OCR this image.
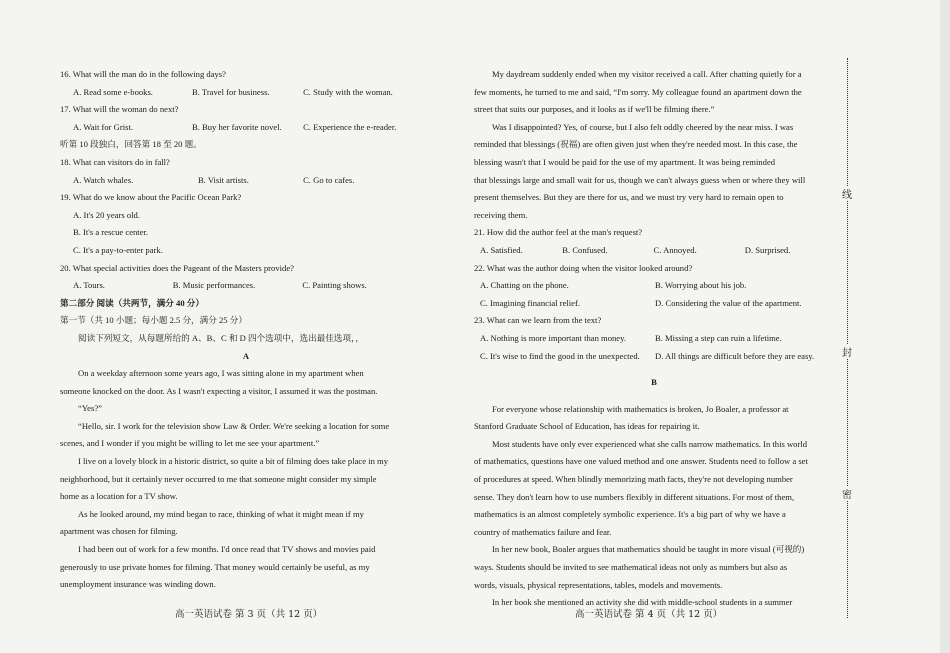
16. What will the man do in the following days?
A. Read some e-books.	B. Travel for business.	C. Study with the woman.
17. What will the woman do next?
A. Wait for Grist.	B. Buy her favorite novel.	C. Experience the e-reader.
听第 10 段独白，回答第 18 至 20 题。
18. What can visitors do in fall?
A. Watch whales.	B. Visit artists.	C. Go to cafes.
19. What do we know about the Pacific Ocean Park?
A. It's 20 years old.
B. It's a rescue center.
C. It's a pay-to-enter park.
20. What special activities does the Pageant of the Masters provide?
A. Tours.	B. Music performances.	C. Painting shows.
第二部分 阅读（共两节，满分 40 分）
第一节（共 10 小题；每小题 2.5 分，满分 25 分）
阅读下列短文，从每题所给的 A、B、C 和 D 四个选项中，选出最佳选项，，
A
On a weekday afternoon some years ago, I was sitting alone in my apartment when
someone knocked on the door. As I wasn't expecting a visitor, I assumed it was the postman.
“Yes?”
“Hello, sir. I work for the television show Law & Order. We're seeking a location for some
scenes, and I wonder if you might be willing to let me see your apartment.”
I live on a lovely block in a historic district, so quite a bit of filming does take place in my
neighborhood, but it certainly never occurred to me that someone might consider my simple
home as a location for a TV show.
As he looked around, my mind began to race, thinking of what it might mean if my
apartment was chosen for filming.
I had been out of work for a few months. I'd once read that TV shows and movies paid
generously to use private homes for filming. That money would certainly be useful, as my
unemployment insurance was winding down.
My daydream suddenly ended when my visitor received a call. After chatting quietly for a
few moments, he turned to me and said, “I'm sorry. My colleague found an apartment down the
street that suits our purposes, and it looks as if we'll be filming there.”
Was I disappointed? Yes, of course, but I also felt oddly cheered by the near miss. I was
reminded that blessings (祝福) are often given just when they're needed most. In this case, the
blessing wasn't that I would be paid for the use of my apartment. It was being reminded
that blessings large and small wait for us, though we can't always guess when or where they will
present themselves. But they are there for us, and we must try very hard to remain open to
receiving them.
21. How did the author feel at the man's request?
A. Satisfied.	B. Confused.	C. Annoyed.	D. Surprised.
22. What was the author doing when the visitor looked around?
A. Chatting on the phone.	B. Worrying about his job.
C. Imagining financial relief.	D. Considering the value of the apartment.
23. What can we learn from the text?
A. Nothing is more important than money.	B. Missing a step can ruin a lifetime.
C. It's wise to find the good in the unexpected.	D. All things are difficult before they are easy.
B
For everyone whose relationship with mathematics is broken, Jo Boaler, a professor at
Stanford Graduate School of Education, has ideas for repairing it.
Most students have only ever experienced what she calls narrow mathematics. In this world
of mathematics, questions have one valued method and one answer. Students need to follow a set
of procedures at speed. When blindly memorizing math facts, they're not developing number
sense. They don't learn how to use numbers flexibly in different situations. For most of them,
mathematics is an almost completely symbolic experience. It's a big part of why we have a
country of mathematics failure and fear.
In her new book, Boaler argues that mathematics should be taught in more visual (可视的)
ways. Students should be invited to see mathematical ideas not only as numbers but also as
words, visuals, physical representations, tables, models and movements.
In her book she mentioned an activity she did with middle-school students in a summer
高一英语试卷 第 3 页（共 12 页）	高一英语试卷 第 4 页（共 12 页）
线
封
密
